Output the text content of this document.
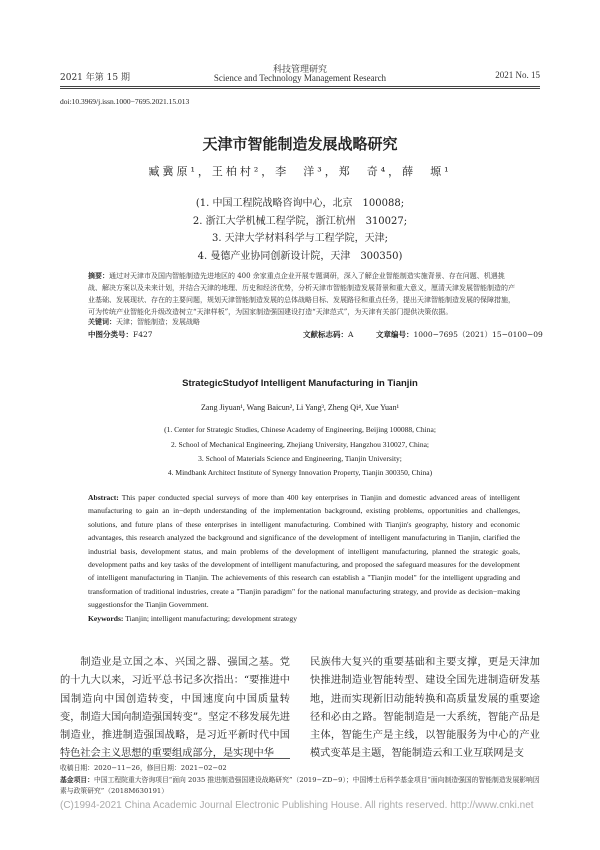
2021 年第 15 期
科技管理研究
Science and Technology Management Research	2021 No. 15
doi:10.3969/j.issn.1000−7695.2021.15.013
天津市智能制造发展战略研究
臧冀原¹，王柏村²，李　洋³，郑　奇⁴，薛　塬¹
(1. 中国工程院战略咨询中心，北京　100088;
2. 浙江大学机械工程学院，浙江杭州　310027;
3. 天津大学材料科学与工程学院，天津;
4. 曼德产业协同创新设计院，天津　300350)
摘要：通过对天津市及国内智能制造先进地区的 400 余家重点企业开展专题调研，深入了解企业智能制造实施背景、存在问题、机遇挑战、解决方案以及未来计划，并结合天津的地理、历史和经济优势，分析天津市智能制造发展背景和重大意义，厘清天津发展智能制造的产业基础、发展现状、存在的主要问题，规划天津智能制造发展的总体战略目标、发展路径和重点任务，提出天津智能制造发展的保障措施，可为传统产业智能化升级改造树立“天津样板”，为国家制造强国建设打造“天津范式”，为天津有关部门提供决策依据。
关键词：天津；智能制造；发展战略
中图分类号：F427	文献标志码：A	文章编号：1000−7695（2021）15−0100−09
StrategicStudyof Intelligent Manufacturing in Tianjin
Zang Jiyuan¹, Wang Baicun², Li Yang³, Zheng Qi⁴, Xue Yuan¹
(1. Center for Strategic Studies, Chinese Academy of Engineering, Beijing 100088, China;
2. School of Mechanical Engineering, Zhejiang University, Hangzhou 310027, China;
3. School of Materials Science and Engineering, Tianjin University;
4. Mindbank Architect Institute of Synergy Innovation Property, Tianjin 300350, China)
Abstract: This paper conducted special surveys of more than 400 key enterprises in Tianjin and domestic advanced areas of intelligent manufacturing to gain an in−depth understanding of the implementation background, existing problems, opportunities and challenges, solutions, and future plans of these enterprises in intelligent manufacturing. Combined with Tianjin's geography, history and economic advantages, this research analyzed the background and significance of the development of intelligent manufacturing in Tianjin, clarified the industrial basis, development status, and main problems of the development of intelligent manufacturing, planned the strategic goals, development paths and key tasks of the development of intelligent manufacturing, and proposed the safeguard measures for the development of intelligent manufacturing in Tianjin. The achievements of this research can establish a "Tianjin model" for the intelligent upgrading and transformation of traditional industries, create a "Tianjin paradigm" for the national manufacturing strategy, and provide as decision−making suggestionsfor the Tianjin Government.
Keywords: Tianjin; intelligent manufacturing; development strategy
制造业是立国之本、兴国之器、强国之基。党的十九大以来，习近平总书记多次指出：“要推进中国制造向中国创造转变，中国速度向中国质量转变，制造大国向制造强国转变”。坚定不移发展先进制造业，推进制造强国战略，是习近平新时代中国特色社会主义思想的重要组成部分，是实现中华
民族伟大复兴的重要基础和主要支撑，更是天津加快推进制造业智能转型、建设全国先进制造研发基地，进而实现新旧动能转换和高质量发展的重要途径和必由之路。智能制造是一大系统，智能产品是主体，智能生产是主线，以智能服务为中心的产业模式变革是主题，智能制造云和工业互联网是支
收稿日期：2020−11−26，修回日期：2021−02−02
基金项目：中国工程院重大咨询项目“面向 2035 推进制造强国建设战略研究”（2019−ZD−9）；中国博士后科学基金项目“面向制造强国的智能制造发展影响因素与政策研究”（2018M630191）
(C)1994-2021 China Academic Journal Electronic Publishing House. All rights reserved. http://www.cnki.net
